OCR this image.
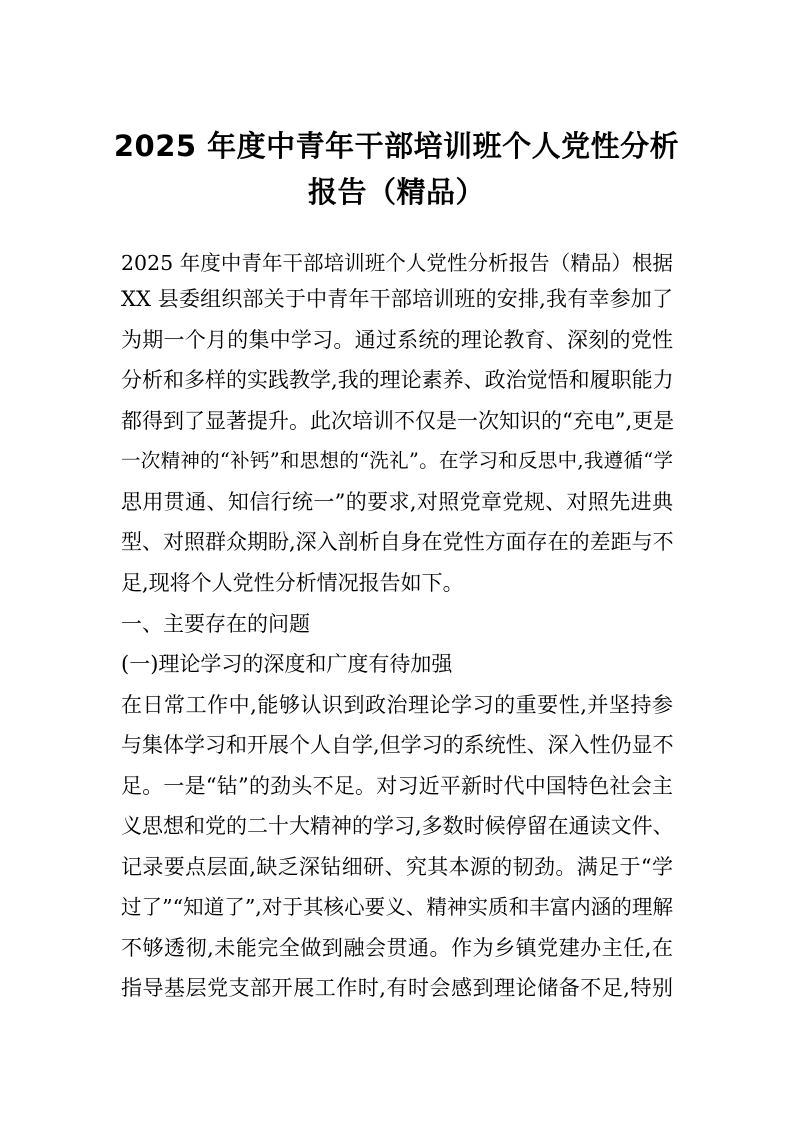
2025 年度中青年干部培训班个人党性分析
报告（精品）
2025 年度中青年干部培训班个人党性分析报告（精品）根据
XX 县委组织部关于中青年干部培训班的安排,我有幸参加了
为期一个月的集中学习。通过系统的理论教育、深刻的党性
分析和多样的实践教学,我的理论素养、政治觉悟和履职能力
都得到了显著提升。此次培训不仅是一次知识的“充电”,更是
一次精神的“补钙”和思想的“洗礼”。在学习和反思中,我遵循“学
思用贯通、知信行统一”的要求,对照党章党规、对照先进典
型、对照群众期盼,深入剖析自身在党性方面存在的差距与不
足,现将个人党性分析情况报告如下。
一、主要存在的问题
(一)理论学习的深度和广度有待加强
在日常工作中,能够认识到政治理论学习的重要性,并坚持参
与集体学习和开展个人自学,但学习的系统性、深入性仍显不
足。一是“钻”的劲头不足。对习近平新时代中国特色社会主
义思想和党的二十大精神的学习,多数时候停留在通读文件、
记录要点层面,缺乏深钻细研、究其本源的韧劲。满足于“学
过了”“知道了”,对于其核心要义、精神实质和丰富内涵的理解
不够透彻,未能完全做到融会贯通。作为乡镇党建办主任,在
指导基层党支部开展工作时,有时会感到理论储备不足,特别
